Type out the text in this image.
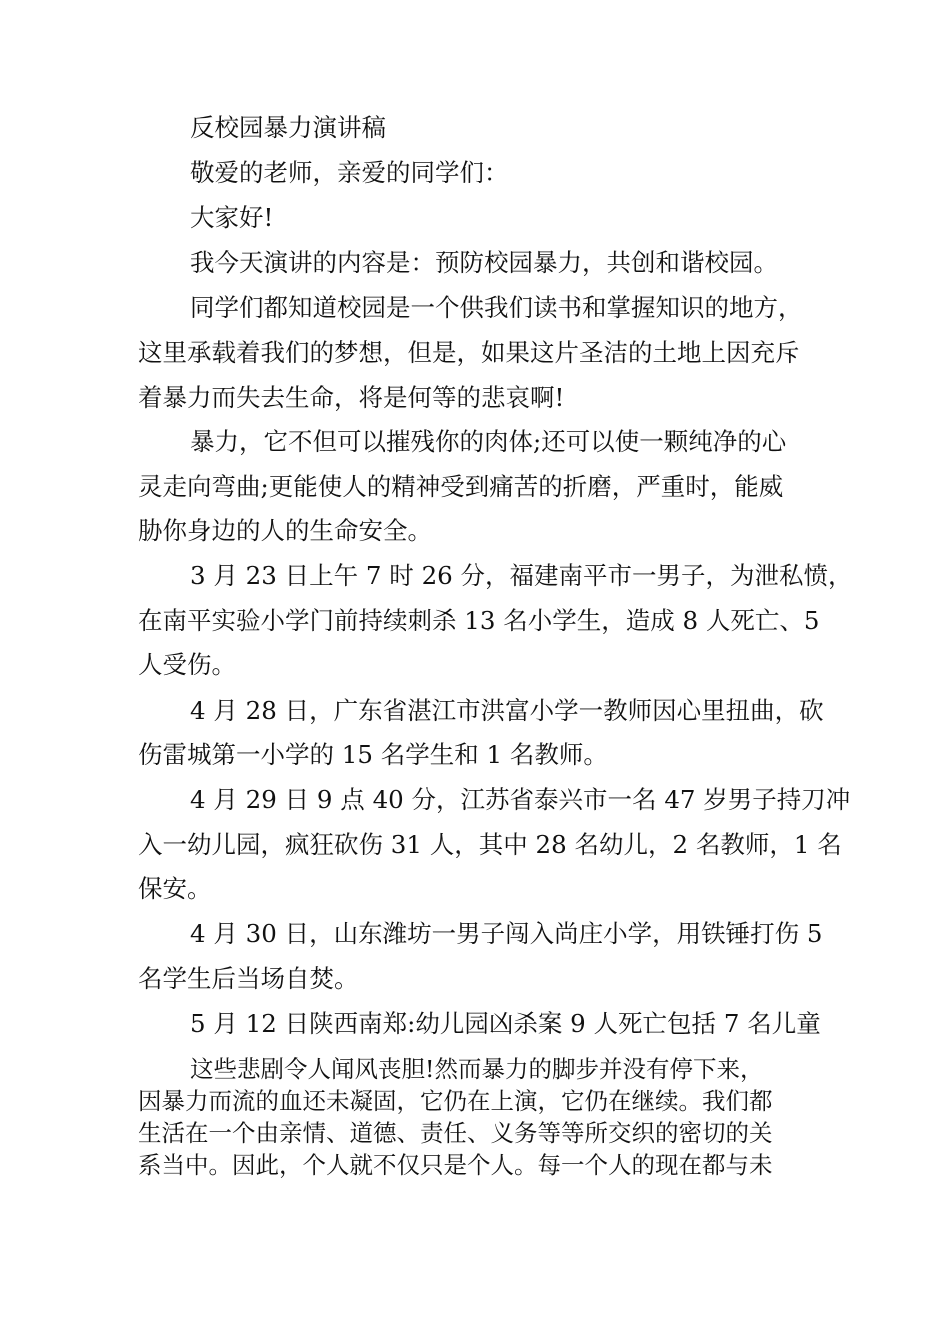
反校园暴力演讲稿
敬爱的老师，亲爱的同学们：
大家好!
我今天演讲的内容是：预防校园暴力，共创和谐校园。
同学们都知道校园是一个供我们读书和掌握知识的地方，
这里承载着我们的梦想，但是，如果这片圣洁的土地上因充斥
着暴力而失去生命，将是何等的悲哀啊!
暴力，它不但可以摧残你的肉体;还可以使一颗纯净的心
灵走向弯曲;更能使人的精神受到痛苦的折磨，严重时，能威
胁你身边的人的生命安全。
3 月 23 日上午 7 时 26 分，福建南平市一男子，为泄私愤，
在南平实验小学门前持续刺杀 13 名小学生，造成 8 人死亡、5
人受伤。
4 月 28 日，广东省湛江市洪富小学一教师因心里扭曲，砍
伤雷城第一小学的 15 名学生和 1 名教师。
4 月 29 日 9 点 40 分，江苏省泰兴市一名 47 岁男子持刀冲
入一幼儿园，疯狂砍伤 31 人，其中 28 名幼儿，2 名教师，1 名
保安。
4 月 30 日，山东潍坊一男子闯入尚庄小学，用铁锤打伤 5
名学生后当场自焚。
5 月 12 日陕西南郑:幼儿园凶杀案 9 人死亡包括 7 名儿童
这些悲剧令人闻风丧胆!然而暴力的脚步并没有停下来，
因暴力而流的血还未凝固，它仍在上演，它仍在继续。我们都
生活在一个由亲情、道德、责任、义务等等所交织的密切的关
系当中。因此，个人就不仅只是个人。每一个人的现在都与未
